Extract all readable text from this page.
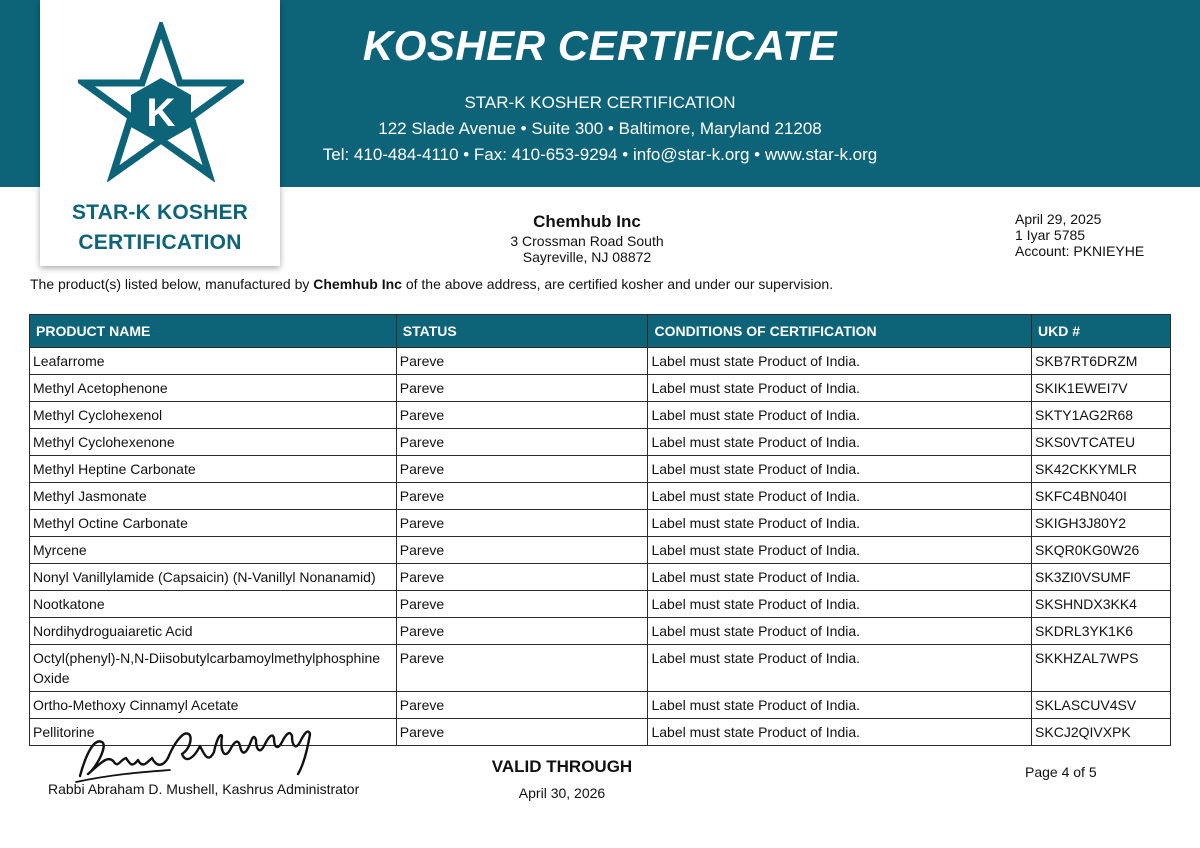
KOSHER CERTIFICATE
STAR-K KOSHER CERTIFICATION
122 Slade Avenue • Suite 300 • Baltimore, Maryland 21208
Tel: 410-484-4110 • Fax: 410-653-9294 • info@star-k.org • www.star-k.org
K
STAR-K KOSHER
CERTIFICATION
Chemhub Inc
3 Crossman Road South
Sayreville, NJ 08872
April 29, 2025
1 Iyar 5785
Account: PKNIEYHE
The product(s) listed below, manufactured by Chemhub Inc of the above address, are certified kosher and under our supervision.
PRODUCT NAME	STATUS	CONDITIONS OF CERTIFICATION	UKD #
Leafarrome	Pareve	Label must state Product of India.	SKB7RT6DRZM
Methyl Acetophenone	Pareve	Label must state Product of India.	SKIK1EWEI7V
Methyl Cyclohexenol	Pareve	Label must state Product of India.	SKTY1AG2R68
Methyl Cyclohexenone	Pareve	Label must state Product of India.	SKS0VTCATEU
Methyl Heptine Carbonate	Pareve	Label must state Product of India.	SK42CKKYMLR
Methyl Jasmonate	Pareve	Label must state Product of India.	SKFC4BN040I
Methyl Octine Carbonate	Pareve	Label must state Product of India.	SKIGH3J80Y2
Myrcene	Pareve	Label must state Product of India.	SKQR0KG0W26
Nonyl Vanillylamide (Capsaicin) (N-Vanillyl Nonanamid)	Pareve	Label must state Product of India.	SK3ZI0VSUMF
Nootkatone	Pareve	Label must state Product of India.	SKSHNDX3KK4
Nordihydroguaiaretic Acid	Pareve	Label must state Product of India.	SKDRL3YK1K6
Octyl(phenyl)-N,N-Diisobutylcarbamoylmethylphosphine Oxide	Pareve	Label must state Product of India.	SKKHZAL7WPS
Ortho-Methoxy Cinnamyl Acetate	Pareve	Label must state Product of India.	SKLASCUV4SV
Pellitorine	Pareve	Label must state Product of India.	SKCJ2QIVXPK
Rabbi Abraham D. Mushell, Kashrus Administrator
VALID THROUGH
April 30, 2026
Page 4 of 5
